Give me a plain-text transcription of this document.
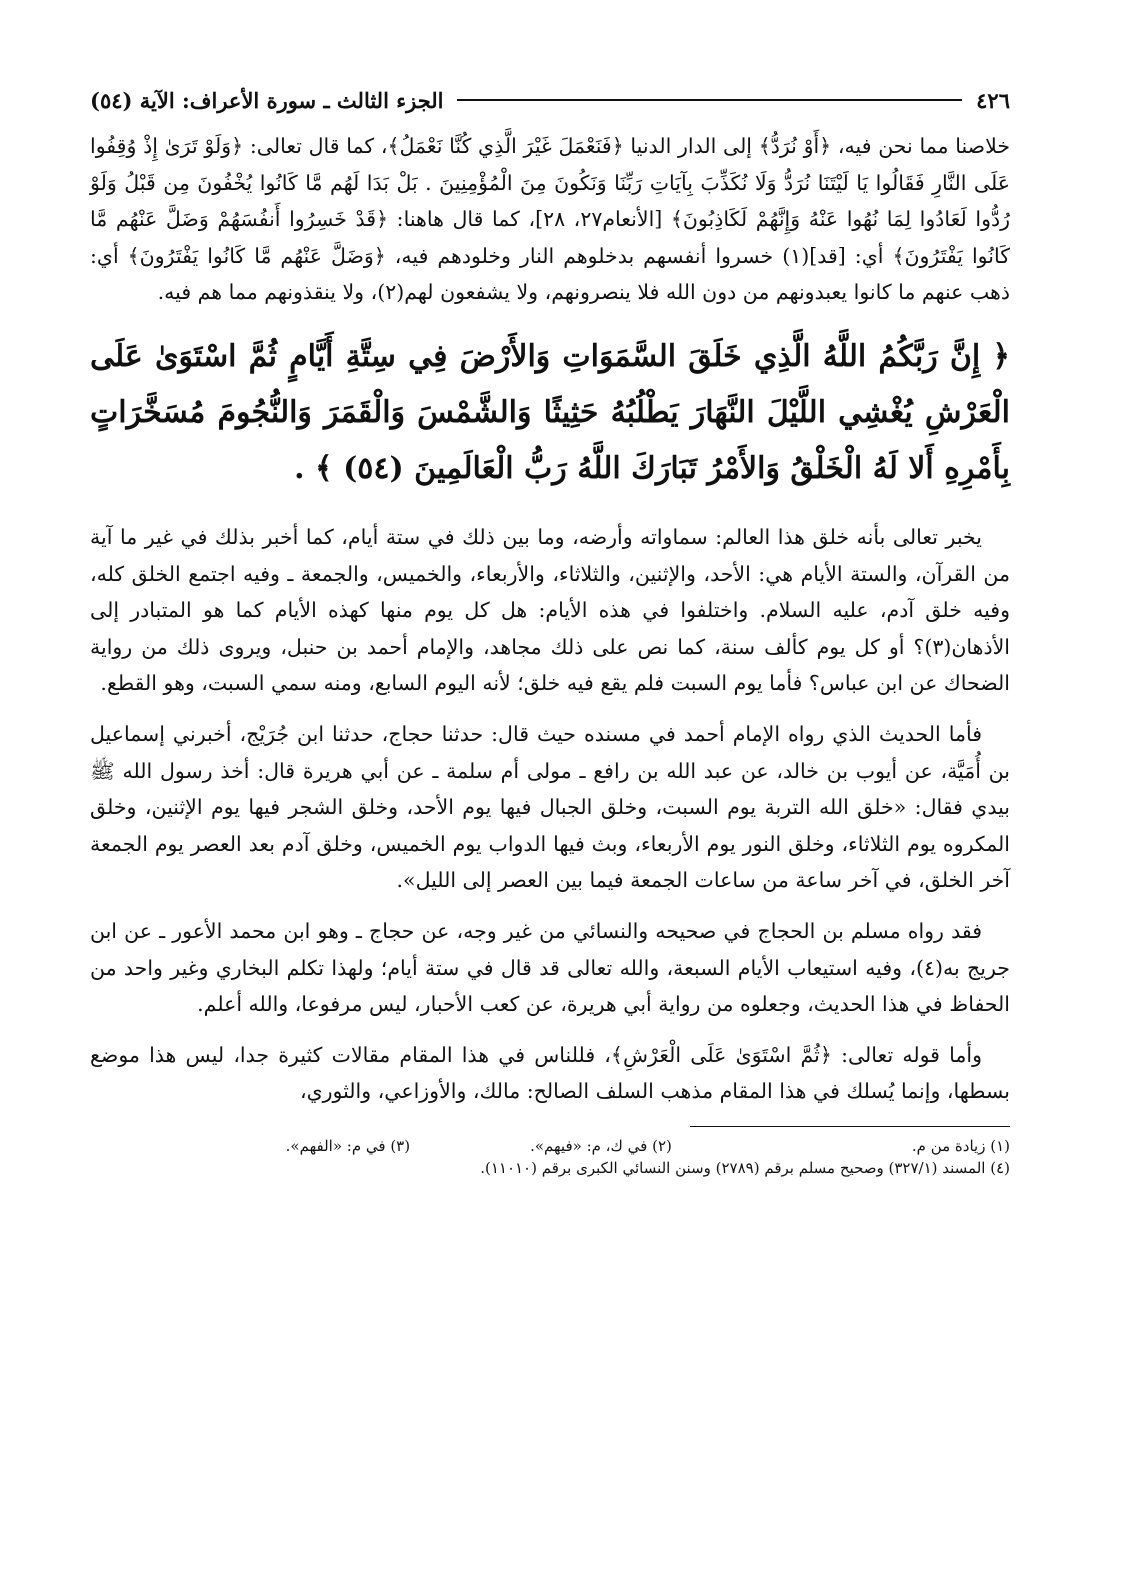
٤٢٦
الجزء الثالث ـ سورة الأعراف: الآية (٥٤)

خلاصنا مما نحن فيه، ﴿أَوْ نُرَدُّ﴾ إلى الدار الدنيا ﴿فَنَعْمَلَ غَيْرَ الَّذِي كُنَّا نَعْمَلُ﴾، كما قال تعالى: ﴿وَلَوْ تَرَىٰ إِذْ وُقِفُوا عَلَى النَّارِ فَقَالُوا يَا لَيْتَنَا نُرَدُّ وَلَا نُكَذِّبَ بِآيَاتِ رَبِّنَا وَنَكُونَ مِنَ الْمُؤْمِنِينَ . بَلْ بَدَا لَهُم مَّا كَانُوا يُخْفُونَ مِن قَبْلُ وَلَوْ رُدُّوا لَعَادُوا لِمَا نُهُوا عَنْهُ وَإِنَّهُمْ لَكَاذِبُونَ﴾ [الأنعام٢٧، ٢٨]، كما قال هاهنا: ﴿قَدْ خَسِرُوا أَنفُسَهُمْ وَضَلَّ عَنْهُم مَّا كَانُوا يَفْتَرُونَ﴾ أي: [قد](١) خسروا أنفسهم بدخلوهم النار وخلودهم فيه، ﴿وَضَلَّ عَنْهُم مَّا كَانُوا يَفْتَرُونَ﴾ أي: ذهب عنهم ما كانوا يعبدونهم من دون الله فلا ينصرونهم، ولا يشفعون لهم(٢)، ولا ينقذونهم مما هم فيه.

﴿ إِنَّ رَبَّكُمُ اللَّهُ الَّذِي خَلَقَ السَّمَوَاتِ وَالأَرْضَ فِي سِتَّةِ أَيَّامٍ ثُمَّ اسْتَوَىٰ عَلَى الْعَرْشِ يُغْشِي اللَّيْلَ النَّهَارَ يَطْلُبُهُ حَثِيثًا وَالشَّمْسَ وَالْقَمَرَ وَالنُّجُومَ مُسَخَّرَاتٍ بِأَمْرِهِ أَلا لَهُ الْخَلْقُ وَالأَمْرُ تَبَارَكَ اللَّهُ رَبُّ الْعَالَمِينَ (٥٤) ﴾ .

يخبر تعالى بأنه خلق هذا العالم: سماواته وأرضه، وما بين ذلك في ستة أيام، كما أخبر بذلك في غير ما آية من القرآن، والستة الأيام هي: الأحد، والإثنين، والثلاثاء، والأربعاء، والخميس، والجمعة ـ وفيه اجتمع الخلق كله، وفيه خلق آدم، عليه السلام. واختلفوا في هذه الأيام: هل كل يوم منها كهذه الأيام كما هو المتبادر إلى الأذهان(٣)؟ أو كل يوم كألف سنة، كما نص على ذلك مجاهد، والإمام أحمد بن حنبل، ويروى ذلك من رواية الضحاك عن ابن عباس؟ فأما يوم السبت فلم يقع فيه خلق؛ لأنه اليوم السابع، ومنه سمي السبت، وهو القطع.

فأما الحديث الذي رواه الإمام أحمد في مسنده حيث قال: حدثنا حجاج، حدثنا ابن جُرَيْج، أخبرني إسماعيل بن أُمَيَّة، عن أيوب بن خالد، عن عبد الله بن رافع ـ مولى أم سلمة ـ عن أبي هريرة قال: أخذ رسول الله ﷺ بيدي فقال: «خلق الله التربة يوم السبت، وخلق الجبال فيها يوم الأحد، وخلق الشجر فيها يوم الإثنين، وخلق المكروه يوم الثلاثاء، وخلق النور يوم الأربعاء، وبث فيها الدواب يوم الخميس، وخلق آدم بعد العصر يوم الجمعة آخر الخلق، في آخر ساعة من ساعات الجمعة فيما بين العصر إلى الليل».

فقد رواه مسلم بن الحجاج في صحيحه والنسائي من غير وجه، عن حجاج ـ وهو ابن محمد الأعور ـ عن ابن جريج به(٤)، وفيه استيعاب الأيام السبعة، والله تعالى قد قال في ستة أيام؛ ولهذا تكلم البخاري وغير واحد من الحفاظ في هذا الحديث، وجعلوه من رواية أبي هريرة، عن كعب الأحبار، ليس مرفوعا، والله أعلم.

وأما قوله تعالى: ﴿ثُمَّ اسْتَوَىٰ عَلَى الْعَرْشِ﴾، فللناس في هذا المقام مقالات كثيرة جدا، ليس هذا موضع بسطها، وإنما يُسلك في هذا المقام مذهب السلف الصالح: مالك، والأوزاعي، والثوري،

(١) زيادة من م.
(٢) في ك، م: «فيهم».
(٣) في م: «الفهم».
(٤) المسند (٣٢٧/١) وصحيح مسلم برقم (٢٧٨٩) وسنن النسائي الكبرى برقم (١١٠١٠).
